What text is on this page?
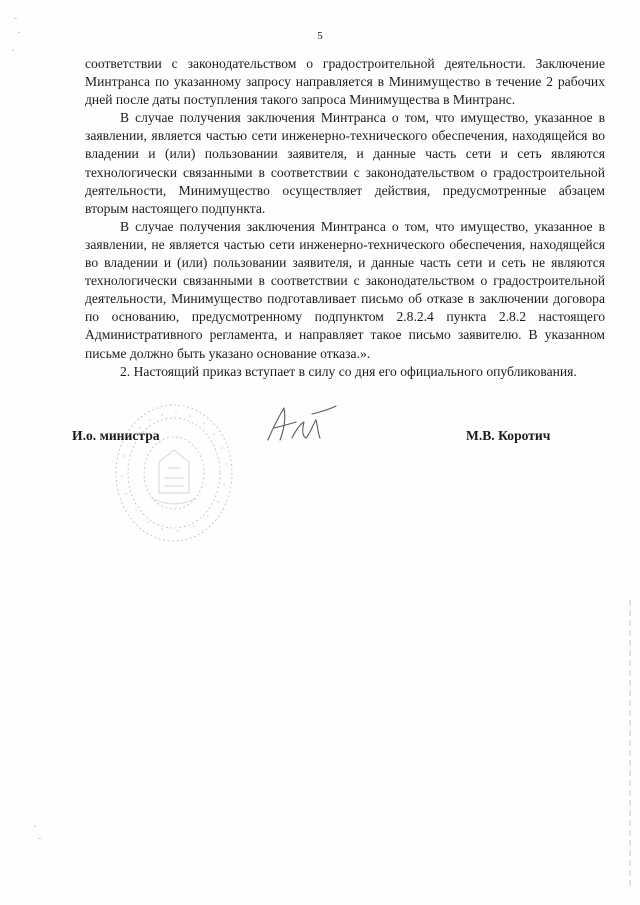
5

соответствии с законодательством о градостроительной деятельности. Заключение Минтранса по указанному запросу направляется в Минимущество в течение 2 рабочих дней после даты поступления такого запроса Минимущества в Минтранс.

В случае получения заключения Минтранса о том, что имущество, указанное в заявлении, является частью сети инженерно-технического обеспечения, находящейся во владении и (или) пользовании заявителя, и данные часть сети и сеть являются технологически связанными в соответствии с законодательством о градостроительной деятельности, Минимущество осуществляет действия, предусмотренные абзацем вторым настоящего подпункта.

В случае получения заключения Минтранса о том, что имущество, указанное в заявлении, не является частью сети инженерно-технического обеспечения, находящейся во владении и (или) пользовании заявителя, и данные часть сети и сеть не являются технологически связанными в соответствии с законодательством о градостроительной деятельности, Минимущество подготавливает письмо об отказе в заключении договора по основанию, предусмотренному подпунктом 2.8.2.4 пункта 2.8.2 настоящего Административного регламента, и направляет такое письмо заявителю. В указанном письме должно быть указано основание отказа.».

2. Настоящий приказ вступает в силу со дня его официального опубликования.

И.о. министра	М.В. Коротич
